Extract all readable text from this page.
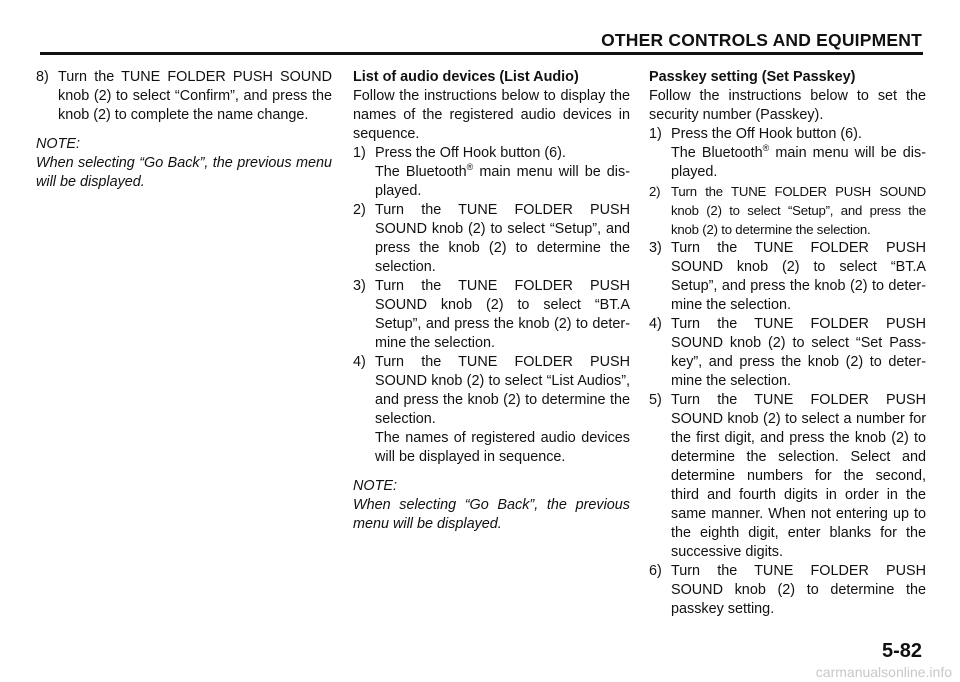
OTHER CONTROLS AND EQUIPMENT
8) Turn the TUNE FOLDER PUSH SOUND knob (2) to select “Confirm”, and press the knob (2) to complete the name change.
NOTE:
When selecting “Go Back”, the previous menu will be displayed.
List of audio devices (List Audio)
Follow the instructions below to display the names of the registered audio devices in sequence.
1) Press the Off Hook button (6).
The Bluetooth® main menu will be dis-played.
2) Turn the TUNE FOLDER PUSH SOUND knob (2) to select “Setup”, and press the knob (2) to determine the selection.
3) Turn the TUNE FOLDER PUSH SOUND knob (2) to select “BT.A Setup”, and press the knob (2) to deter-mine the selection.
4) Turn the TUNE FOLDER PUSH SOUND knob (2) to select “List Audios”, and press the knob (2) to determine the selection.
The names of registered audio devices will be displayed in sequence.
NOTE:
When selecting “Go Back”, the previous menu will be displayed.
Passkey setting (Set Passkey)
Follow the instructions below to set the security number (Passkey).
1) Press the Off Hook button (6).
The Bluetooth® main menu will be dis-played.
2) Turn the TUNE FOLDER PUSH SOUND knob (2) to select “Setup”, and press the knob (2) to determine the selection.
3) Turn the TUNE FOLDER PUSH SOUND knob (2) to select “BT.A Setup”, and press the knob (2) to deter-mine the selection.
4) Turn the TUNE FOLDER PUSH SOUND knob (2) to select “Set Pass-key”, and press the knob (2) to deter-mine the selection.
5) Turn the TUNE FOLDER PUSH SOUND knob (2) to select a number for the first digit, and press the knob (2) to determine the selection. Select and determine numbers for the second, third and fourth digits in order in the same manner. When not entering up to the eighth digit, enter blanks for the successive digits.
6) Turn the TUNE FOLDER PUSH SOUND knob (2) to determine the passkey setting.
5-82
carmanualsonline.info
